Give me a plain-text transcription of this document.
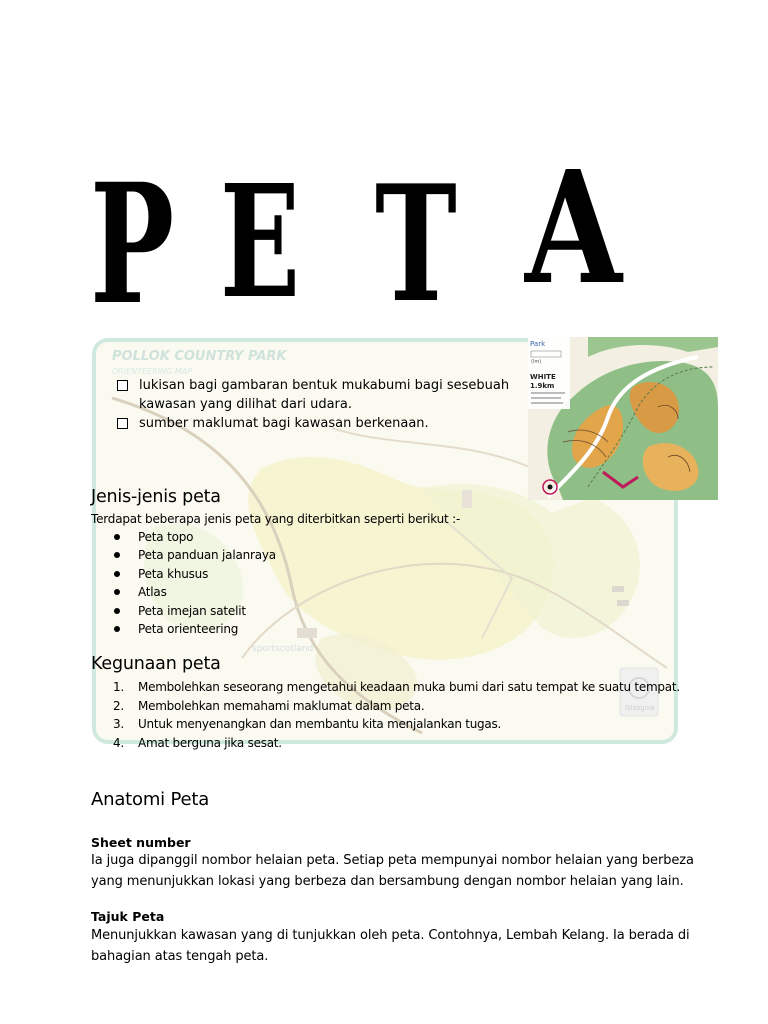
P E T A
POLLOK COUNTRY PARK
ORIENTEERING MAP
sportscotland
Glasgow
Park
(lm)
WHITE
1.9km
lukisan bagi gambaran bentuk mukabumi bagi sesebuah kawasan yang dilihat dari udara.
sumber maklumat bagi kawasan berkenaan.
Jenis-jenis peta
Terdapat beberapa jenis peta yang diterbitkan seperti berikut :-
Peta topo
Peta panduan jalanraya
Peta khusus
Atlas
Peta imejan satelit
Peta orienteering
Kegunaan peta
1. Membolehkan seseorang mengetahui keadaan muka bumi dari satu tempat ke suatu tempat.
2. Membolehkan memahami maklumat dalam peta.
3. Untuk menyenangkan dan membantu kita menjalankan tugas.
4. Amat berguna jika sesat.
Anatomi Peta
Sheet number

Ia juga dipanggil nombor helaian peta. Setiap peta mempunyai nombor helaian yang berbeza yang menunjukkan lokasi yang berbeza dan bersambung dengan nombor helaian yang lain.

Tajuk Peta

Menunjukkan kawasan yang di tunjukkan oleh peta. Contohnya, Lembah Kelang. Ia berada di bahagian atas tengah peta.
